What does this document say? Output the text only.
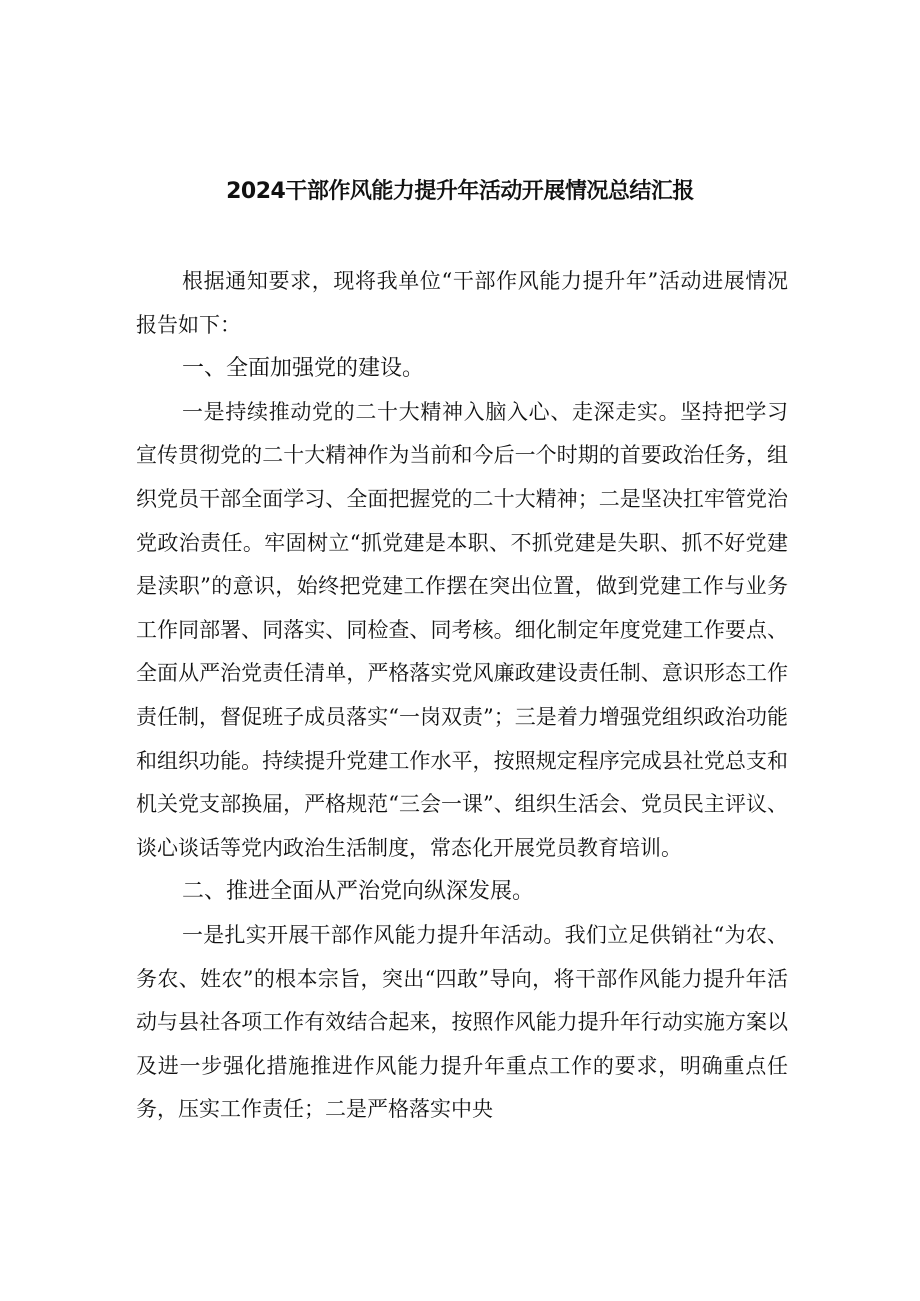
2024干部作风能力提升年活动开展情况总结汇报

根据通知要求，现将我单位“干部作风能力提升年”活动进展情况报告如下：

一、全面加强党的建设。

一是持续推动党的二十大精神入脑入心、走深走实。坚持把学习宣传贯彻党的二十大精神作为当前和今后一个时期的首要政治任务，组织党员干部全面学习、全面把握党的二十大精神；二是坚决扛牢管党治党政治责任。牢固树立“抓党建是本职、不抓党建是失职、抓不好党建是渎职”的意识，始终把党建工作摆在突出位置，做到党建工作与业务工作同部署、同落实、同检查、同考核。细化制定年度党建工作要点、全面从严治党责任清单，严格落实党风廉政建设责任制、意识形态工作责任制，督促班子成员落实“一岗双责”；三是着力增强党组织政治功能和组织功能。持续提升党建工作水平，按照规定程序完成县社党总支和机关党支部换届，严格规范“三会一课”、组织生活会、党员民主评议、谈心谈话等党内政治生活制度，常态化开展党员教育培训。

二、推进全面从严治党向纵深发展。

一是扎实开展干部作风能力提升年活动。我们立足供销社“为农、务农、姓农”的根本宗旨，突出“四敢”导向，将干部作风能力提升年活动与县社各项工作有效结合起来，按照作风能力提升年行动实施方案以及进一步强化措施推进作风能力提升年重点工作的要求，明确重点任务，压实工作责任；二是严格落实中央
